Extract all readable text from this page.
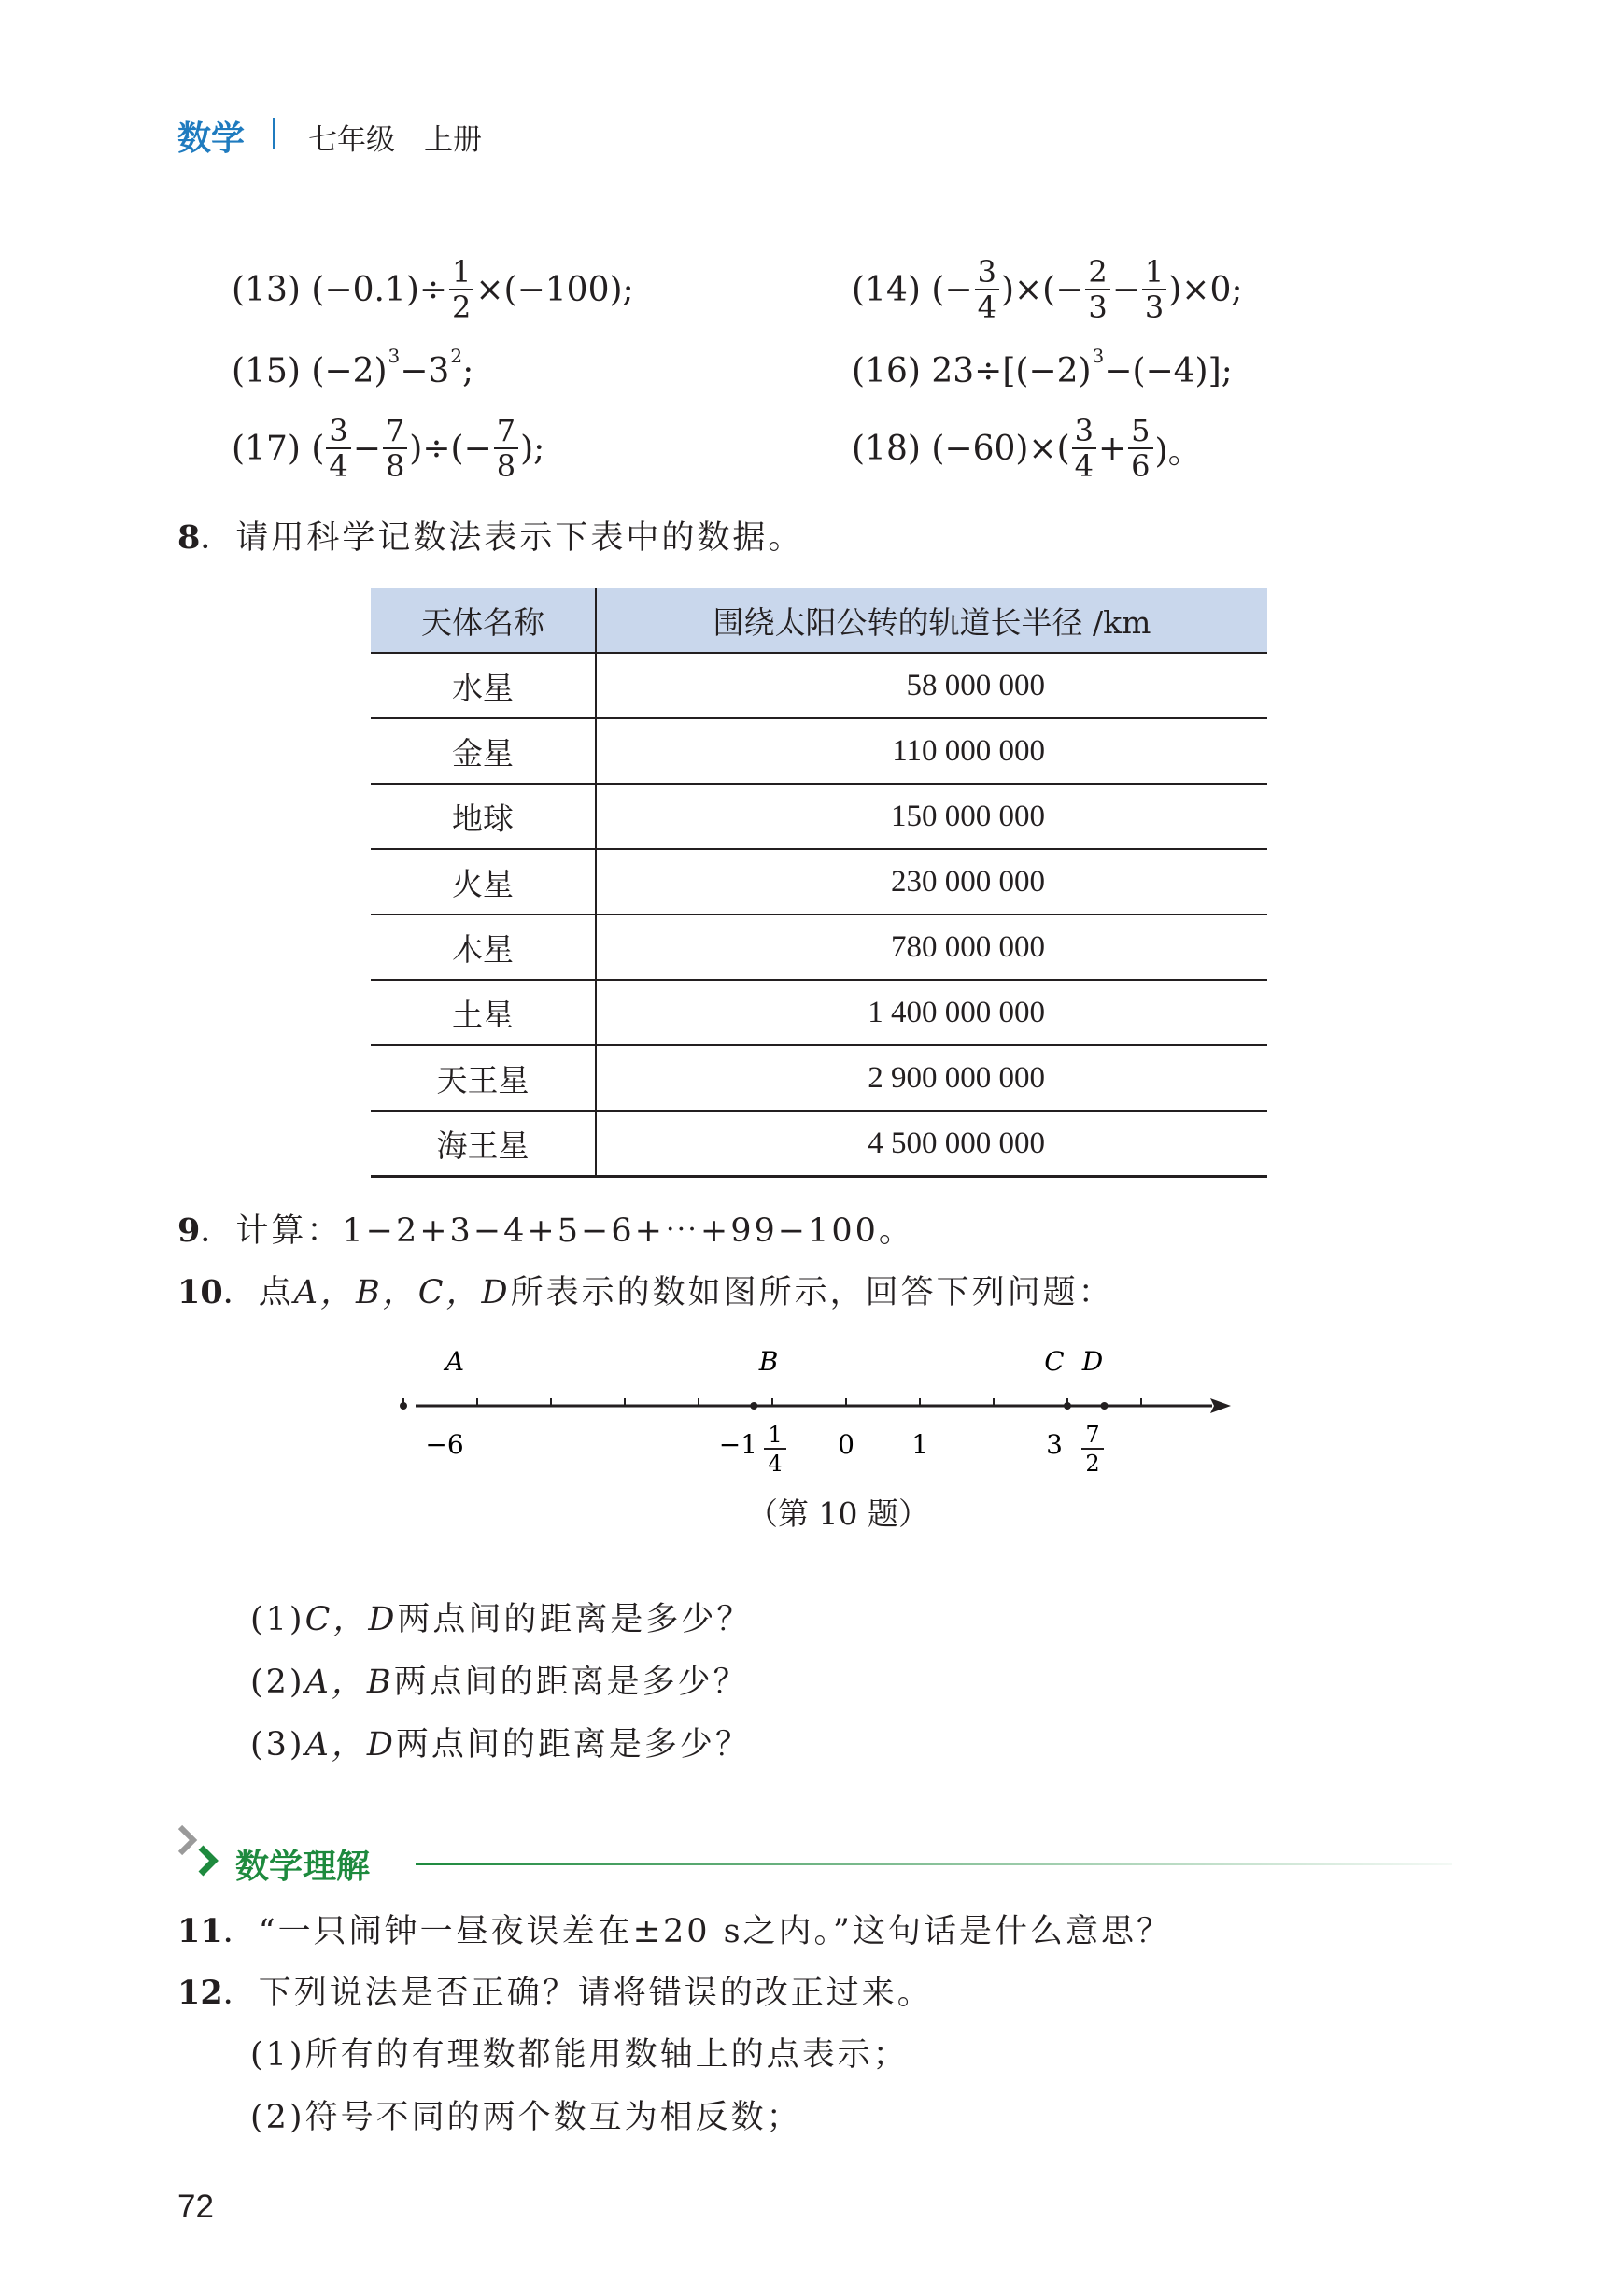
数学 七年级　上册
(13)
$(-0.1)\div \frac{1}{2} \times(-100)$;	(14)
(− $\frac{3}{4}$ )×(− $\frac{2}{3} - \frac{1}{3} )\times 0$;
(15)
(−2) 3 −3 2 ;	(16)
23÷[(−2) 3 −(−4)];
(17)
( $\frac{3}{4} - \frac{7}{8}$ )÷(− $\frac{7}{8}$ );	(18)
$(-60)\times( \frac{3}{4} + \frac{5}{6}$ )。
8．请用科学记数法表示下表中的数据。
天体名称	围绕太阳公转的轨道长半径 /km
水星	58 000 000
金星	110 000 000
地球	150 000 000
火星	230 000 000
木星	780 000 000
土星	1 400 000 000
天王星	2 900 000 000
海王星	4 500 000 000
9．计算：1−2+3−4+5−6+⋯+99−100。
10．点A，B，C，D所表示的数如图所示，回答下列问题：
A	B	C D
−6	−1 1
4
0 1	3 7
2
（第 10 题）
(1)C，D两点间的距离是多少？
(2)A，B两点间的距离是多少？
(3)A，D两点间的距离是多少？
数学理解
11．“一只闹钟一昼夜误差在±20 s之内。”这句话是什么意思？
12．下列说法是否正确？请将错误的改正过来。
(1)所有的有理数都能用数轴上的点表示；
(2)符号不同的两个数互为相反数；
72
